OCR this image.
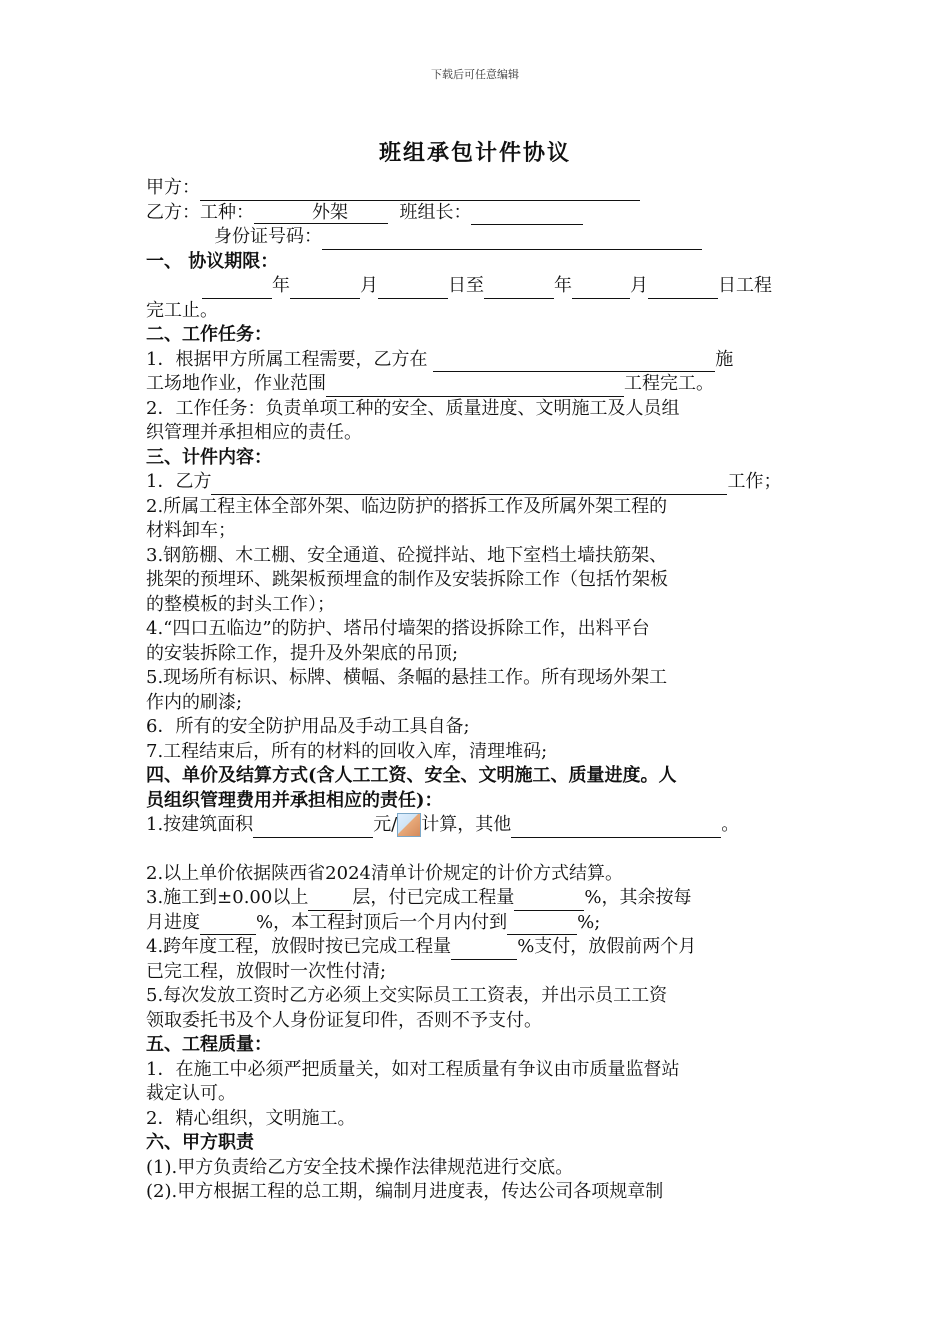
下载后可任意编辑
班组承包计件协议
甲方：
乙方：工种：	外架	班组长：
身份证号码：
一、 协议期限：
年	月	日至	年	月	日工程
完工止。
二、工作任务：
1．根据甲方所属工程需要，乙方在	施
工场地作业，作业范围	工程完工。
2．工作任务：负责单项工种的安全、质量进度、文明施工及人员组
织管理并承担相应的责任。
三、计件内容：
1．乙方	工作；
2.所属工程主体全部外架、临边防护的搭拆工作及所属外架工程的
材料卸车；
3.钢筋棚、木工棚、安全通道、砼搅拌站、地下室档土墙扶筋架、
挑架的预埋环、跳架板预埋盒的制作及安装拆除工作（包括竹架板
的整模板的封头工作）；
4.“四口五临边”的防护、塔吊付墙架的搭设拆除工作，出料平台
的安装拆除工作，提升及外架底的吊顶;
5.现场所有标识、标牌、横幅、条幅的悬挂工作。所有现场外架工
作内的刷漆;
6．所有的安全防护用品及手动工具自备;
7.工程结束后，所有的材料的回收入库，清理堆码;
四、单价及结算方式(含人工工资、安全、文明施工、质量进度。人
员组织管理费用并承担相应的责任)：
1.按建筑面积	元/ 计算，其他	。
2.以上单价依据陕西省2024清单计价规定的计价方式结算。
3.施工到±0.00以上 层，付已完成工程量	%，其余按每
月进度	%，本工程封顶后一个月内付到	%;
4.跨年度工程，放假时按已完成工程量	%支付，放假前两个月
已完工程，放假时一次性付清;
5.每次发放工资时乙方必须上交实际员工工资表，并出示员工工资
领取委托书及个人身份证复印件，否则不予支付。
五、工程质量：
1．在施工中必须严把质量关，如对工程质量有争议由市质量监督站
裁定认可。
2．精心组织，文明施工。
六、甲方职责
(1).甲方负责给乙方安全技术操作法律规范进行交底。
(2).甲方根据工程的总工期，编制月进度表，传达公司各项规章制
